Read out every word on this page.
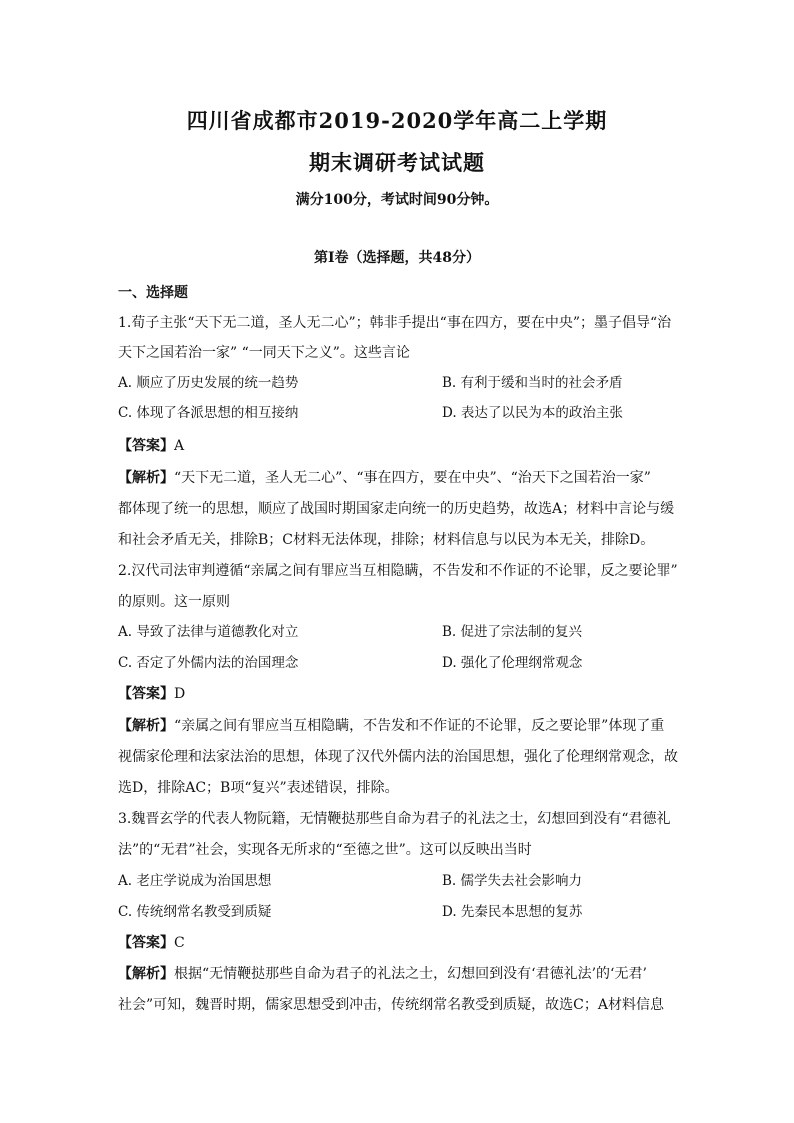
四川省成都市2019-2020学年高二上学期
期末调研考试试题
满分100分，考试时间90分钟。
第Ⅰ卷（选择题，共48分）
一、选择题
1.荀子主张“天下无二道，圣人无二心”；韩非手提出“事在四方，要在中央”；墨子倡导“治
天下之国若治一家” “一同天下之义”。这些言论
A. 顺应了历史发展的统一趋势	B. 有利于缓和当时的社会矛盾
C. 体现了各派思想的相互接纳	D. 表达了以民为本的政治主张
【答案】A
【解析】“天下无二道，圣人无二心”、“事在四方，要在中央”、“治天下之国若治一家”
都体现了统一的思想，顺应了战国时期国家走向统一的历史趋势，故选A；材料中言论与缓
和社会矛盾无关，排除B；C材料无法体现，排除；材料信息与以民为本无关，排除D。
2.汉代司法审判遵循“亲属之间有罪应当互相隐瞒，不告发和不作证的不论罪，反之要论罪”
的原则。这一原则
A. 导致了法律与道德教化对立	B. 促进了宗法制的复兴
C. 否定了外儒内法的治国理念	D. 强化了伦理纲常观念
【答案】D
【解析】“亲属之间有罪应当互相隐瞒，不告发和不作证的不论罪，反之要论罪”体现了重
视儒家伦理和法家法治的思想，体现了汉代外儒内法的治国思想，强化了伦理纲常观念，故
选D，排除AC；B项“复兴”表述错误，排除。
3.魏晋玄学的代表人物阮籍，无情鞭挞那些自命为君子的礼法之士，幻想回到没有“君德礼
法”的“无君”社会，实现各无所求的“至德之世”。这可以反映出当时
A. 老庄学说成为治国思想	B. 儒学失去社会影响力
C. 传统纲常名教受到质疑	D. 先秦民本思想的复苏
【答案】C
【解析】根据“无情鞭挞那些自命为君子的礼法之士，幻想回到没有‘君德礼法’的‘无君’
社会”可知，魏晋时期，儒家思想受到冲击，传统纲常名教受到质疑，故选C；A材料信息
